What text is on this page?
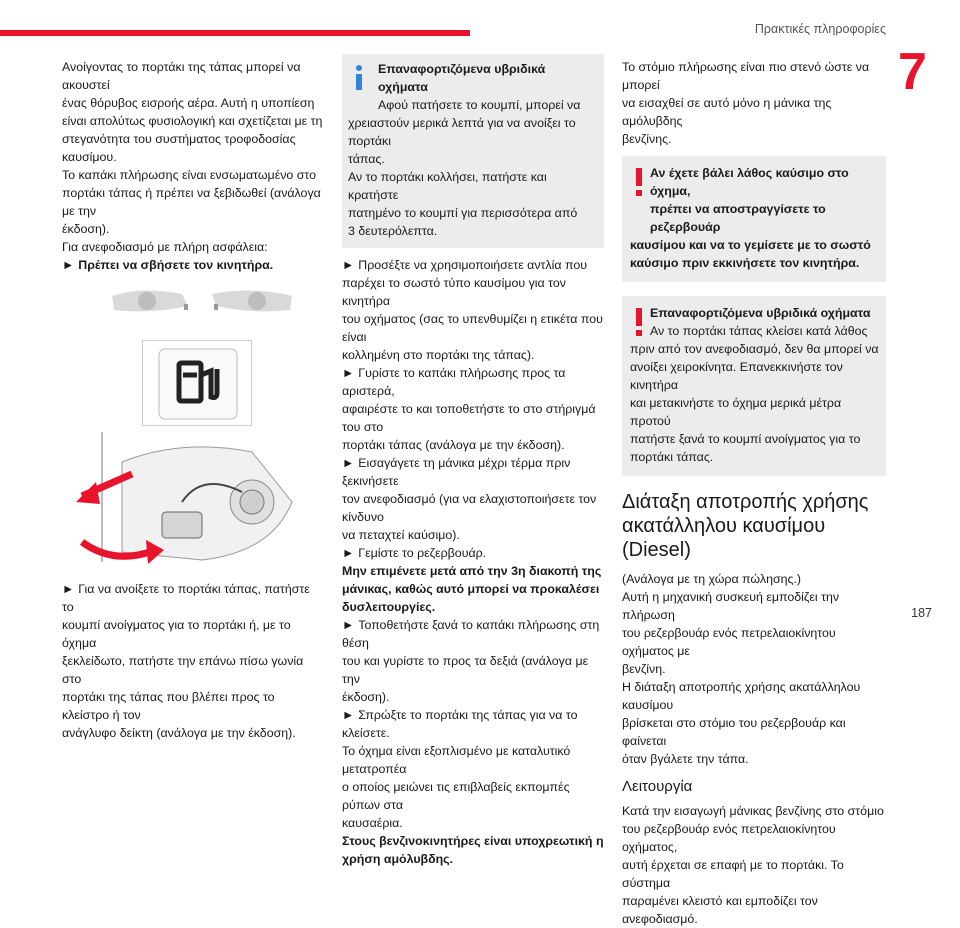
Πρακτικές πληροφορίες
7
187

Ανοίγοντας το πορτάκι της τάπας μπορεί να ακουστεί

ένας θόρυβος εισροής αέρα. Αυτή η υποπίεση

είναι απολύτως φυσιολογική και σχετίζεται με τη

στεγανότητα του συστήματος τροφοδοσίας καυσίμου.

Το καπάκι πλήρωσης είναι ενσωματωμένο στο

πορτάκι τάπας ή πρέπει να ξεβιδωθεί (ανάλογα με την

έκδοση).

Για ανεφοδιασμό με πλήρη ασφάλεια:

► Πρέπει να σβήσετε τον κινητήρα.

► Για να ανοίξετε το πορτάκι τάπας, πατήστε το

κουμπί ανοίγματος για το πορτάκι ή, με το όχημα

ξεκλείδωτο, πατήστε την επάνω πίσω γωνία στο

πορτάκι της τάπας που βλέπει προς το κλείστρο ή τον

ανάγλυφο δείκτη (ανάλογα με την έκδοση).

Επαναφορτιζόμενα υβριδικά οχήματα

Αφού πατήσετε το κουμπί, μπορεί να

χρειαστούν μερικά λεπτά για να ανοίξει το πορτάκι

τάπας.

Αν το πορτάκι κολλήσει, πατήστε και κρατήστε

πατημένο το κουμπί για περισσότερα από

3 δευτερόλεπτα.

► Προσέξτε να χρησιμοποιήσετε αντλία που

παρέχει το σωστό τύπο καυσίμου για τον κινητήρα

του οχήματος (σας το υπενθυμίζει η ετικέτα που είναι

κολλημένη στο πορτάκι της τάπας).

► Γυρίστε το καπάκι πλήρωσης προς τα αριστερά,

αφαιρέστε το και τοποθετήστε το στο στήριγμά του στο

πορτάκι τάπας (ανάλογα με την έκδοση).

► Εισαγάγετε τη μάνικα μέχρι τέρμα πριν ξεκινήσετε

τον ανεφοδιασμό (για να ελαχιστοποιήσετε τον κίνδυνο

να πεταχτεί καύσιμο).

► Γεμίστε το ρεζερβουάρ.

Μην επιμένετε μετά από την 3η διακοπή της

μάνικας, καθώς αυτό μπορεί να προκαλέσει

δυσλειτουργίες.

► Τοποθετήστε ξανά το καπάκι πλήρωσης στη θέση

του και γυρίστε το προς τα δεξιά (ανάλογα με την

έκδοση).

► Σπρώξτε το πορτάκι της τάπας για να το κλείσετε.

Το όχημα είναι εξοπλισμένο με καταλυτικό μετατροπέα

ο οποίος μειώνει τις επιβλαβείς εκπομπές ρύπων στα

καυσαέρια.

Στους βενζινοκινητήρες είναι υποχρεωτική η

χρήση αμόλυβδης.

Το στόμιο πλήρωσης είναι πιο στενό ώστε να μπορεί

να εισαχθεί σε αυτό μόνο η μάνικα της αμόλυβδης

βενζίνης.

Αν έχετε βάλει λάθος καύσιμο στο όχημα,

πρέπει να αποστραγγίσετε το ρεζερβουάρ

καυσίμου και να το γεμίσετε με το σωστό

καύσιμο πριν εκκινήσετε τον κινητήρα.

Επαναφορτιζόμενα υβριδικά οχήματα

Αν το πορτάκι τάπας κλείσει κατά λάθος

πριν από τον ανεφοδιασμό, δεν θα μπορεί να

ανοίξει χειροκίνητα. Επανεκκινήστε τον κινητήρα

και μετακινήστε το όχημα μερικά μέτρα προτού

πατήστε ξανά το κουμπί ανοίγματος για το

πορτάκι τάπας.

Διάταξη αποτροπής χρήσης
ακατάλληλου καυσίμου (Diesel)

(Ανάλογα με τη χώρα πώλησης.)

Αυτή η μηχανική συσκευή εμποδίζει την πλήρωση

του ρεζερβουάρ ενός πετρελαιοκίνητου οχήματος με

βενζίνη.

Η διάταξη αποτροπής χρήσης ακατάλληλου καυσίμου

βρίσκεται στο στόμιο του ρεζερβουάρ και φαίνεται

όταν βγάλετε την τάπα.

Λειτουργία

Κατά την εισαγωγή μάνικας βενζίνης στο στόμιο

του ρεζερβουάρ ενός πετρελαιοκίνητου οχήματος,

αυτή έρχεται σε επαφή με το πορτάκι. Το σύστημα

παραμένει κλειστό και εμποδίζει τον ανεφοδιασμό.
